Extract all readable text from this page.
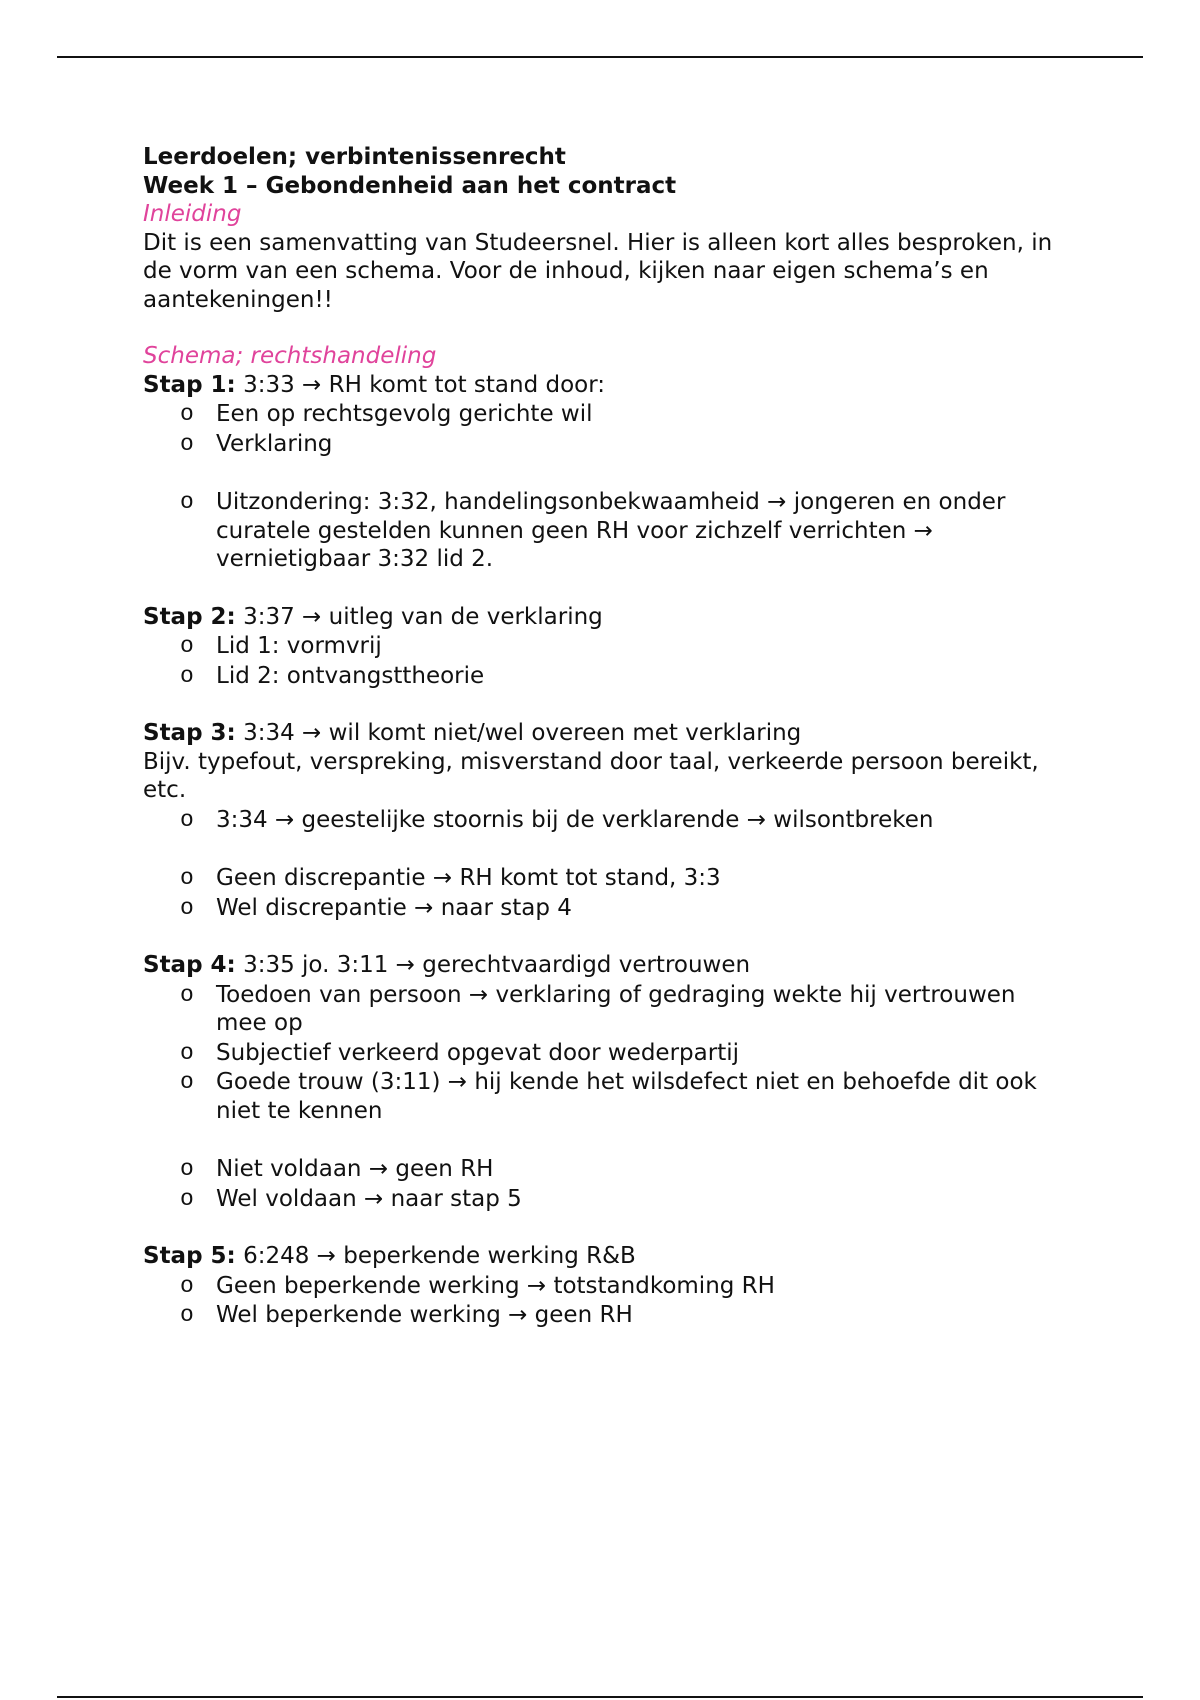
Leerdoelen; verbintenissenrecht
Week 1 – Gebondenheid aan het contract
Inleiding
Dit is een samenvatting van Studeersnel. Hier is alleen kort alles besproken, in de vorm van een schema. Voor de inhoud, kijken naar eigen schema’s en aantekeningen!!
Schema; rechtshandeling
Stap 1: 3:33 → RH komt tot stand door:
o Een op rechtsgevolg gerichte wil
o Verklaring
o Uitzondering: 3:32, handelingsonbekwaamheid → jongeren en onder curatele gestelden kunnen geen RH voor zichzelf verrichten → vernietigbaar 3:32 lid 2.
Stap 2: 3:37 → uitleg van de verklaring
o Lid 1: vormvrij
o Lid 2: ontvangsttheorie
Stap 3: 3:34 → wil komt niet/wel overeen met verklaring
Bijv. typefout, verspreking, misverstand door taal, verkeerde persoon bereikt, etc.
o 3:34 → geestelijke stoornis bij de verklarende → wilsontbreken
o Geen discrepantie → RH komt tot stand, 3:3
o Wel discrepantie → naar stap 4
Stap 4: 3:35 jo. 3:11 → gerechtvaardigd vertrouwen
o Toedoen van persoon → verklaring of gedraging wekte hij vertrouwen mee op
o Subjectief verkeerd opgevat door wederpartij
o Goede trouw (3:11) → hij kende het wilsdefect niet en behoefde dit ook niet te kennen
o Niet voldaan → geen RH
o Wel voldaan → naar stap 5
Stap 5: 6:248 → beperkende werking R&B
o Geen beperkende werking → totstandkoming RH
o Wel beperkende werking → geen RH
